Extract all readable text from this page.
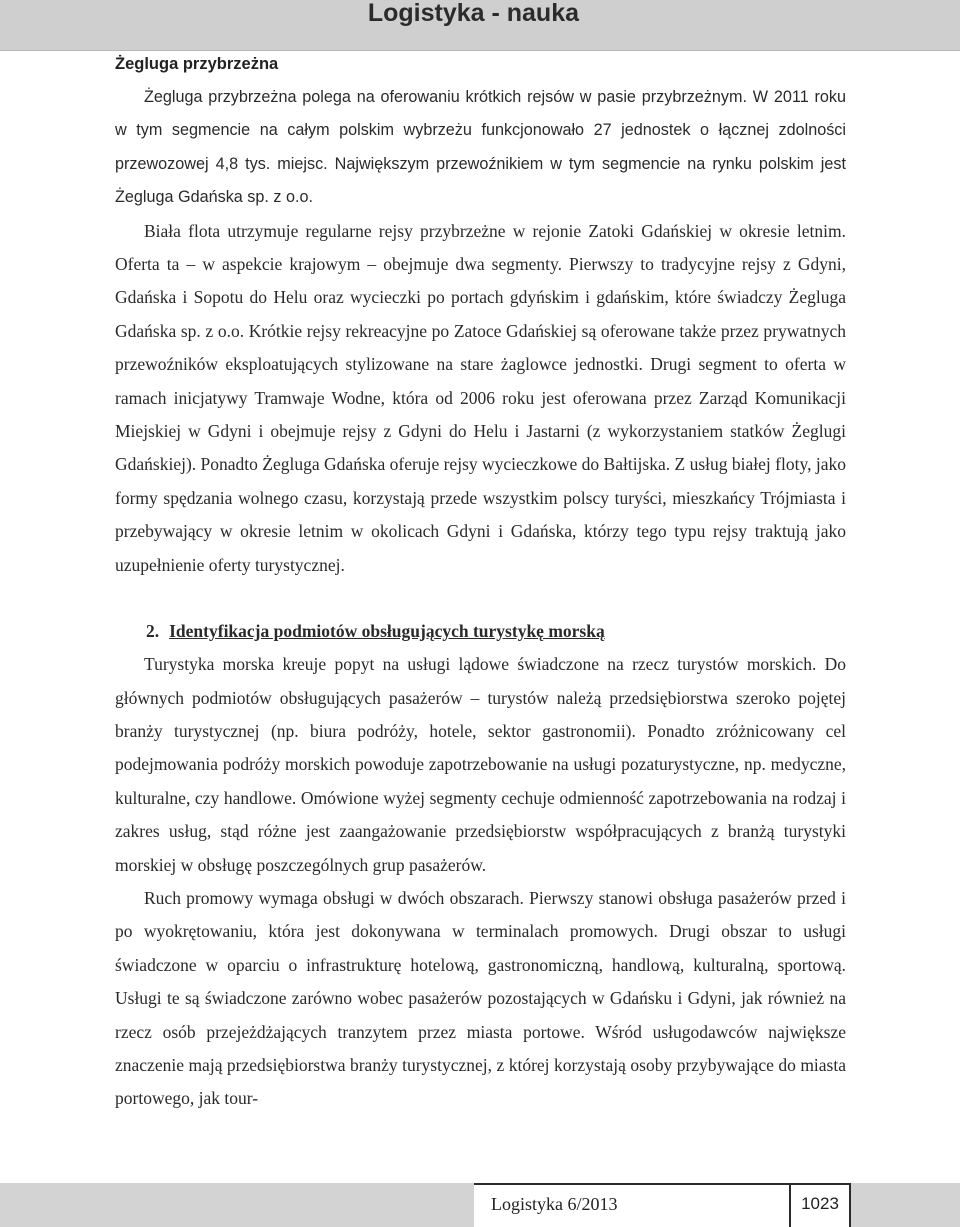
Logistyka - nauka
Żegluga przybrzeżna

Żegluga przybrzeżna polega na oferowaniu krótkich rejsów w pasie przybrzeżnym. W 2011 roku w tym segmencie na całym polskim wybrzeżu funkcjonowało 27 jednostek o łącznej zdolności przewozowej 4,8 tys. miejsc. Największym przewoźnikiem w tym segmencie na rynku polskim jest Żegluga Gdańska sp. z o.o.

Biała flota utrzymuje regularne rejsy przybrzeżne w rejonie Zatoki Gdańskiej w okresie letnim. Oferta ta – w aspekcie krajowym – obejmuje dwa segmenty. Pierwszy to tradycyjne rejsy z Gdyni, Gdańska i Sopotu do Helu oraz wycieczki po portach gdyńskim i gdańskim, które świadczy Żegluga Gdańska sp. z o.o. Krótkie rejsy rekreacyjne po Zatoce Gdańskiej są oferowane także przez prywatnych przewoźników eksploatujących stylizowane na stare żaglowce jednostki. Drugi segment to oferta w ramach inicjatywy Tramwaje Wodne, która od 2006 roku jest oferowana przez Zarząd Komunikacji Miejskiej w Gdyni i obejmuje rejsy z Gdyni do Helu i Jastarni (z wykorzystaniem statków Żeglugi Gdańskiej). Ponadto Żegluga Gdańska oferuje rejsy wycieczkowe do Bałtijska. Z usług białej floty, jako formy spędzania wolnego czasu, korzystają przede wszystkim polscy turyści, mieszkańcy Trójmiasta i przebywający w okresie letnim w okolicach Gdyni i Gdańska, którzy tego typu rejsy traktują jako uzupełnienie oferty turystycznej.

2. Identyfikacja podmiotów obsługujących turystykę morską

Turystyka morska kreuje popyt na usługi lądowe świadczone na rzecz turystów morskich. Do głównych podmiotów obsługujących pasażerów – turystów należą przedsiębiorstwa szeroko pojętej branży turystycznej (np. biura podróży, hotele, sektor gastronomii). Ponadto zróżnicowany cel podejmowania podróży morskich powoduje zapotrzebowanie na usługi pozaturystyczne, np. medyczne, kulturalne, czy handlowe. Omówione wyżej segmenty cechuje odmienność zapotrzebowania na rodzaj i zakres usług, stąd różne jest zaangażowanie przedsiębiorstw współpracujących z branżą turystyki morskiej w obsługę poszczególnych grup pasażerów.

Ruch promowy wymaga obsługi w dwóch obszarach. Pierwszy stanowi obsługa pasażerów przed i po wyokrętowaniu, która jest dokonywana w terminalach promowych. Drugi obszar to usługi świadczone w oparciu o infrastrukturę hotelową, gastronomiczną, handlową, kulturalną, sportową. Usługi te są świadczone zarówno wobec pasażerów pozostających w Gdańsku i Gdyni, jak również na rzecz osób przejeżdżających tranzytem przez miasta portowe. Wśród usługodawców największe znaczenie mają przedsiębiorstwa branży turystycznej, z której korzystają osoby przybywające do miasta portowego, jak tour-

Logistyka 6/2013	1023
